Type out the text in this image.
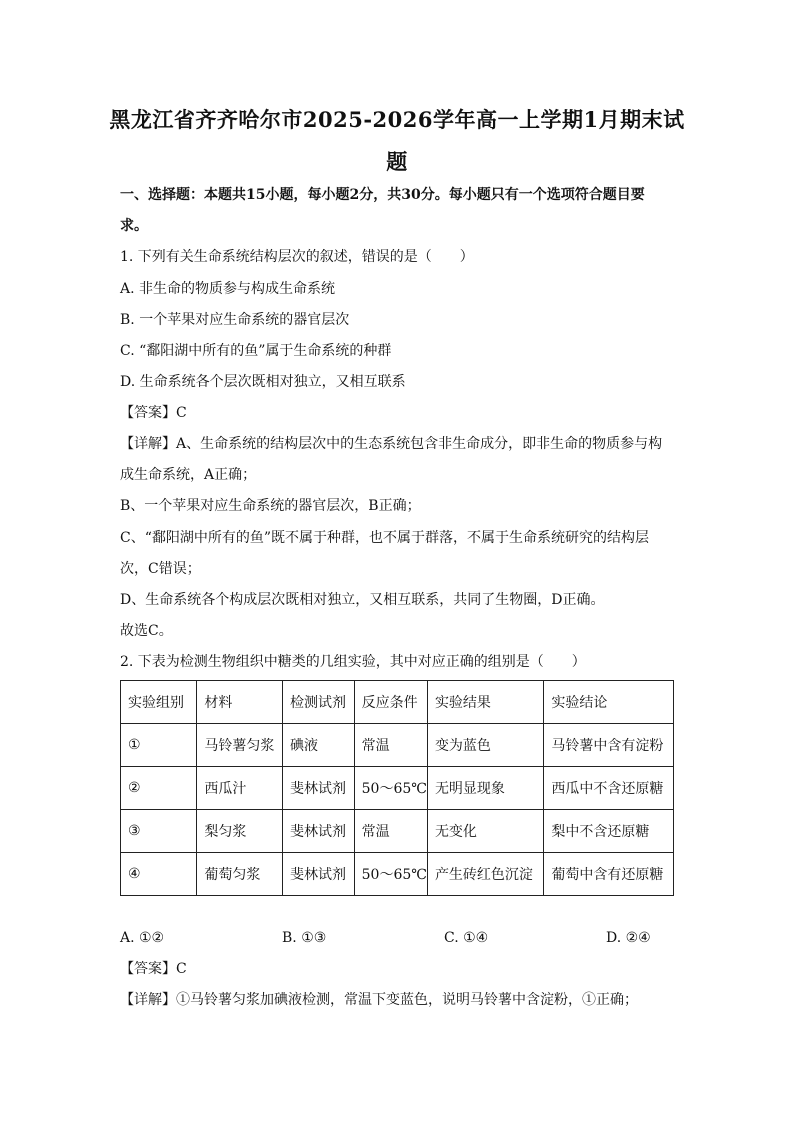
黑龙江省齐齐哈尔市2025-2026学年高一上学期1月期末试
题
一、选择题：本题共15小题，每小题2分，共30分。每小题只有一个选项符合题目要
求。
1. 下列有关生命系统结构层次的叙述，错误的是（　　）
A. 非生命的物质参与构成生命系统
B. 一个苹果对应生命系统的器官层次
C. “鄱阳湖中所有的鱼”属于生命系统的种群
D. 生命系统各个层次既相对独立，又相互联系
【答案】C
【详解】A、生命系统的结构层次中的生态系统包含非生命成分，即非生命的物质参与构
成生命系统，A正确；
B、一个苹果对应生命系统的器官层次，B正确；
C、“鄱阳湖中所有的鱼”既不属于种群，也不属于群落，不属于生命系统研究的结构层
次，C错误；
D、生命系统各个构成层次既相对独立，又相互联系，共同了生物圈，D正确。
故选C。
2. 下表为检测生物组织中糖类的几组实验，其中对应正确的组别是（　　）
实验组别	材料	检测试剂	反应条件	实验结果	实验结论
①	马铃薯匀浆	碘液	常温	变为蓝色	马铃薯中含有淀粉
②	西瓜汁	斐林试剂	50～65℃	无明显现象	西瓜中不含还原糖
③	梨匀浆	斐林试剂	常温	无变化	梨中不含还原糖
④	葡萄匀浆	斐林试剂	50～65℃	产生砖红色沉淀	葡萄中含有还原糖
A. ①②	B. ①③	C. ①④	D. ②④
【答案】C
【详解】①马铃薯匀浆加碘液检测，常温下变蓝色，说明马铃薯中含淀粉，①正确；
